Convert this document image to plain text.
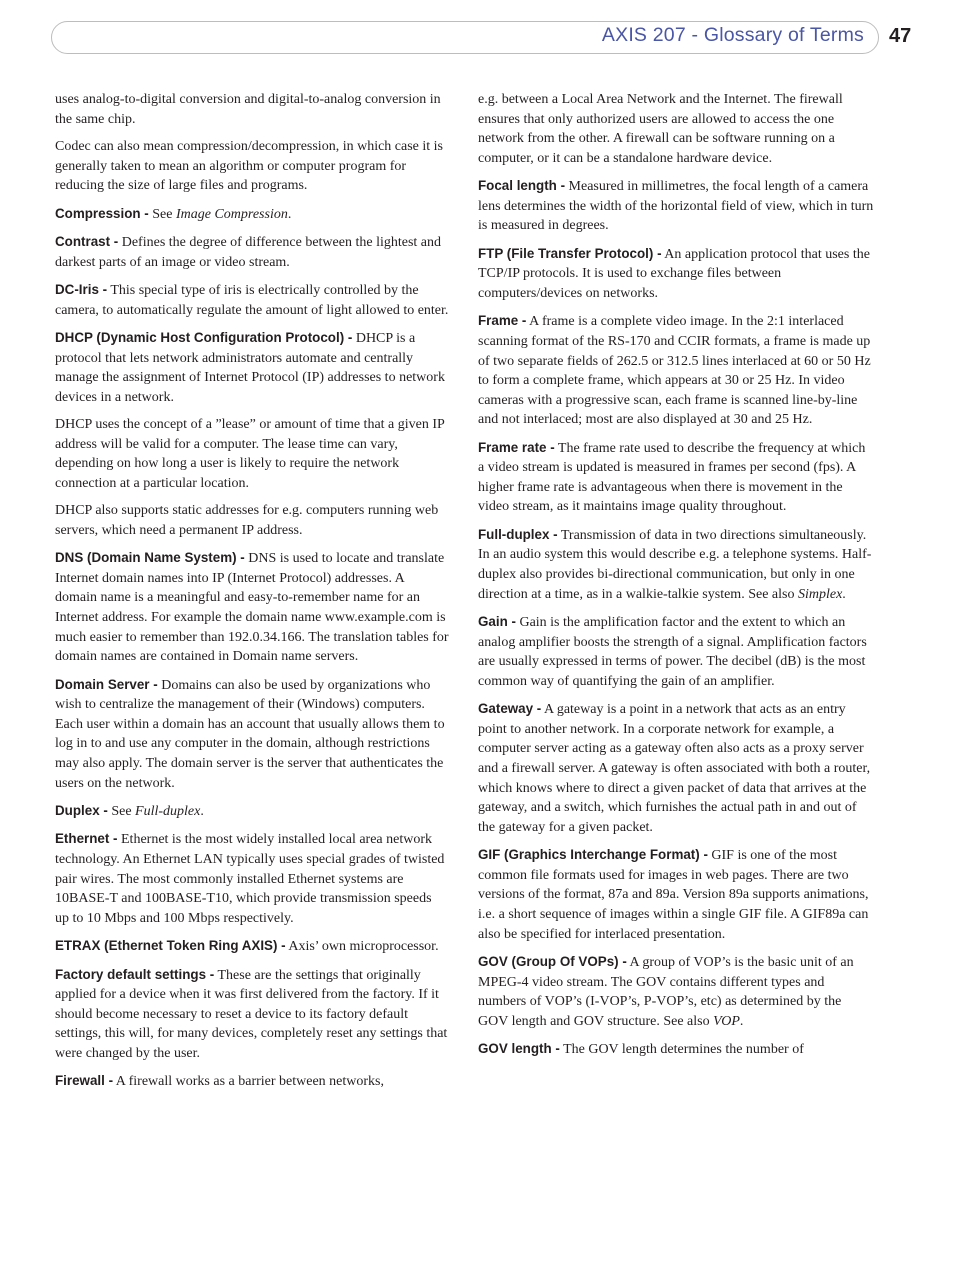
AXIS 207 - Glossary of Terms 47

uses analog-to-digital conversion and digital-to-analog conversion in the same chip.

Codec can also mean compression/decompression, in which case it is generally taken to mean an algorithm or computer program for reducing the size of large files and programs.

Compression - See Image Compression.

Contrast - Defines the degree of difference between the lightest and darkest parts of an image or video stream.

DC-Iris - This special type of iris is electrically controlled by the camera, to automatically regulate the amount of light allowed to enter.

DHCP (Dynamic Host Configuration Protocol) - DHCP is a protocol that lets network administrators automate and centrally manage the assignment of Internet Protocol (IP) addresses to network devices in a network.

DHCP uses the concept of a ”lease” or amount of time that a given IP address will be valid for a computer. The lease time can vary, depending on how long a user is likely to require the network connection at a particular location.

DHCP also supports static addresses for e.g. computers running web servers, which need a permanent IP address.

DNS (Domain Name System) - DNS is used to locate and translate Internet domain names into IP (Internet Protocol) addresses. A domain name is a meaningful and easy-to-remember name for an Internet address. For example the domain name www.example.com is much easier to remember than 192.0.34.166. The translation tables for domain names are contained in Domain name servers.

Domain Server - Domains can also be used by organizations who wish to centralize the management of their (Windows) computers. Each user within a domain has an account that usually allows them to log in to and use any computer in the domain, although restrictions may also apply. The domain server is the server that authenticates the users on the network.

Duplex - See Full-duplex.

Ethernet - Ethernet is the most widely installed local area network technology. An Ethernet LAN typically uses special grades of twisted pair wires. The most commonly installed Ethernet systems are 10BASE-T and 100BASE-T10, which provide transmission speeds up to 10 Mbps and 100 Mbps respectively.

ETRAX (Ethernet Token Ring AXIS) - Axis’ own microprocessor.

Factory default settings - These are the settings that originally applied for a device when it was first delivered from the factory. If it should become necessary to reset a device to its factory default settings, this will, for many devices, completely reset any settings that were changed by the user.

Firewall - A firewall works as a barrier between networks,

e.g. between a Local Area Network and the Internet. The firewall ensures that only authorized users are allowed to access the one network from the other. A firewall can be software running on a computer, or it can be a standalone hardware device.

Focal length - Measured in millimetres, the focal length of a camera lens determines the width of the horizontal field of view, which in turn is measured in degrees.

FTP (File Transfer Protocol) - An application protocol that uses the TCP/IP protocols. It is used to exchange files between computers/devices on networks.

Frame - A frame is a complete video image. In the 2:1 interlaced scanning format of the RS-170 and CCIR formats, a frame is made up of two separate fields of 262.5 or 312.5 lines interlaced at 60 or 50 Hz to form a complete frame, which appears at 30 or 25 Hz. In video cameras with a progressive scan, each frame is scanned line-by-line and not interlaced; most are also displayed at 30 and 25 Hz.

Frame rate - The frame rate used to describe the frequency at which a video stream is updated is measured in frames per second (fps). A higher frame rate is advantageous when there is movement in the video stream, as it maintains image quality throughout.

Full-duplex - Transmission of data in two directions simultaneously. In an audio system this would describe e.g. a telephone systems. Half-duplex also provides bi-directional communication, but only in one direction at a time, as in a walkie-talkie system. See also Simplex.

Gain - Gain is the amplification factor and the extent to which an analog amplifier boosts the strength of a signal. Amplification factors are usually expressed in terms of power. The decibel (dB) is the most common way of quantifying the gain of an amplifier.

Gateway - A gateway is a point in a network that acts as an entry point to another network. In a corporate network for example, a computer server acting as a gateway often also acts as a proxy server and a firewall server. A gateway is often associated with both a router, which knows where to direct a given packet of data that arrives at the gateway, and a switch, which furnishes the actual path in and out of the gateway for a given packet.

GIF (Graphics Interchange Format) - GIF is one of the most common file formats used for images in web pages. There are two versions of the format, 87a and 89a. Version 89a supports animations, i.e. a short sequence of images within a single GIF file. A GIF89a can also be specified for interlaced presentation.

GOV (Group Of VOPs) - A group of VOP’s is the basic unit of an MPEG-4 video stream. The GOV contains different types and numbers of VOP’s (I-VOP’s, P-VOP’s, etc) as determined by the GOV length and GOV structure. See also VOP.

GOV length - The GOV length determines the number of
